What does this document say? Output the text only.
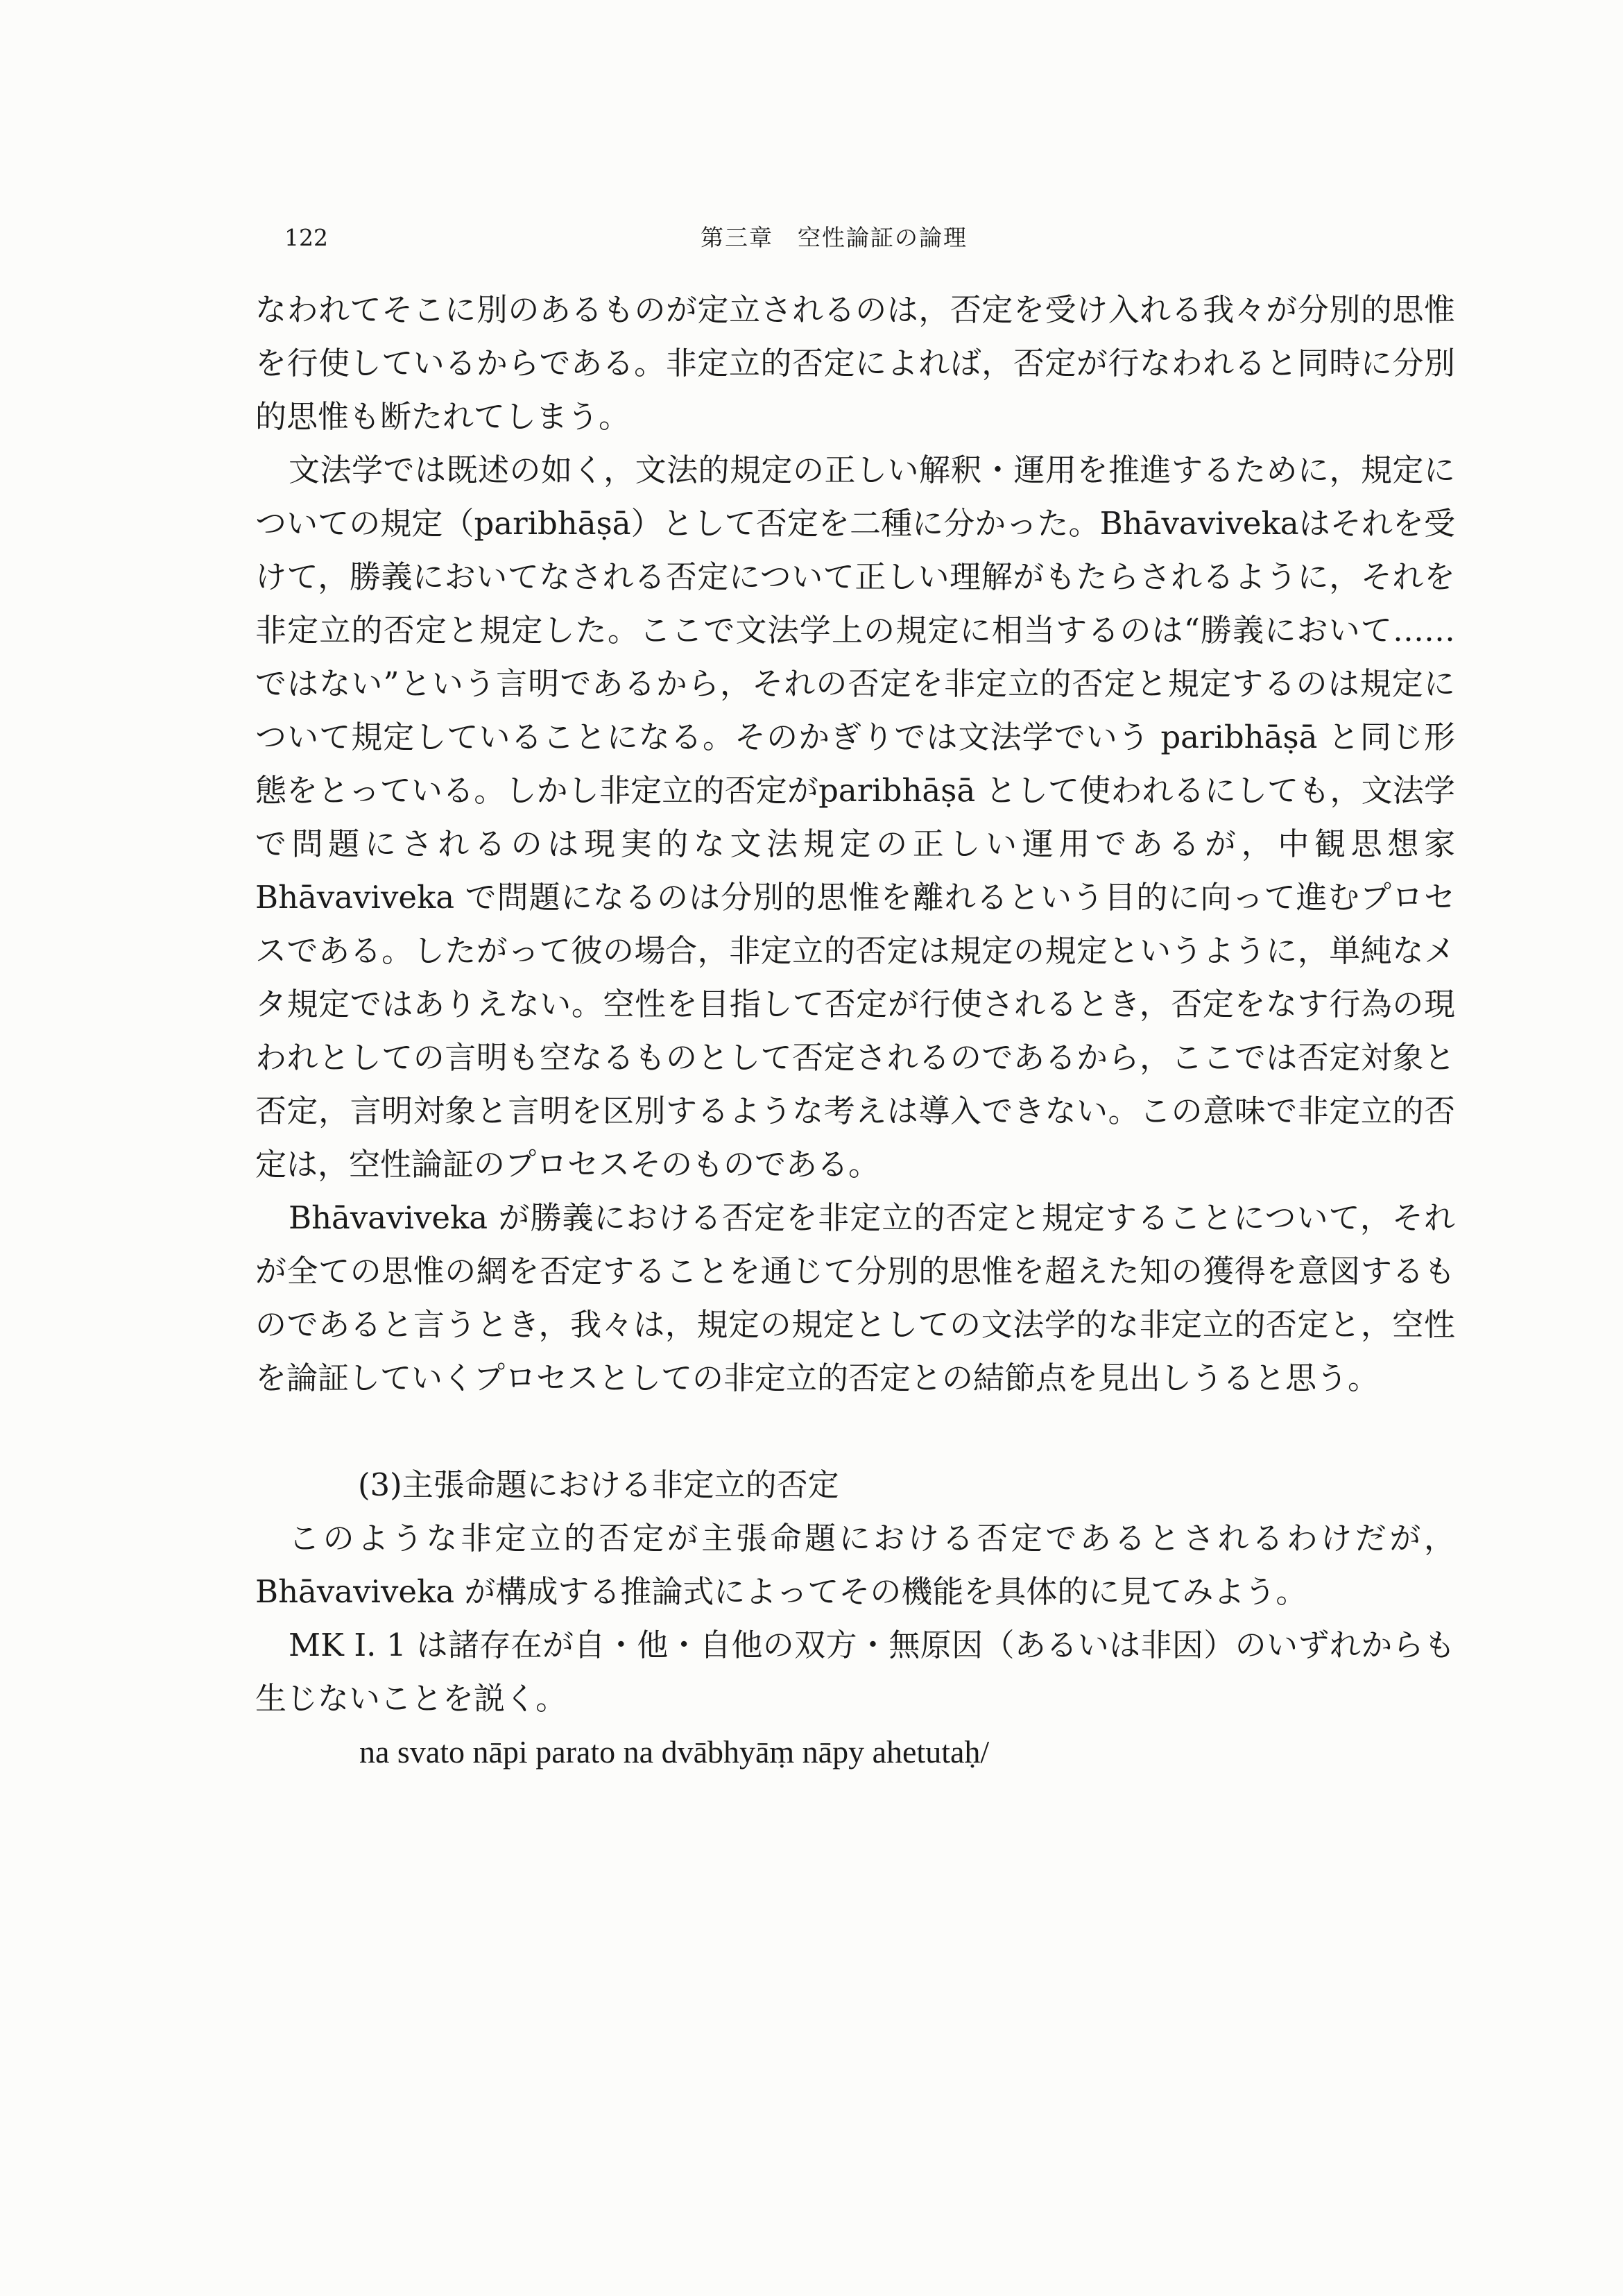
122	第三章　空性論証の論理

なわれてそこに別のあるものが定立されるのは，否定を受け入れる我々が分別的思惟を行使しているからである。非定立的否定によれば，否定が行なわれると同時に分別的思惟も断たれてしまう。

文法学では既述の如く，文法的規定の正しい解釈・運用を推進するために，規定についての規定（paribhāṣā）として否定を二種に分かった。Bhāvavivekaはそれを受けて，勝義においてなされる否定について正しい理解がもたらされるように，それを非定立的否定と規定した。ここで文法学上の規定に相当するのは“勝義において……ではない”という言明であるから，それの否定を非定立的否定と規定するのは規定について規定していることになる。そのかぎりでは文法学でいう paribhāṣā と同じ形態をとっている。しかし非定立的否定がparibhāṣā として使われるにしても，文法学で問題にされるのは現実的な文法規定の正しい運用であるが，中観思想家 Bhāvaviveka で問題になるのは分別的思惟を離れるという目的に向って進むプロセスである。したがって彼の場合，非定立的否定は規定の規定というように，単純なメタ規定ではありえない。空性を目指して否定が行使されるとき，否定をなす行為の現われとしての言明も空なるものとして否定されるのであるから，ここでは否定対象と否定，言明対象と言明を区別するような考えは導入できない。この意味で非定立的否定は，空性論証のプロセスそのものである。

Bhāvaviveka が勝義における否定を非定立的否定と規定することについて，それが全ての思惟の網を否定することを通じて分別的思惟を超えた知の獲得を意図するものであると言うとき，我々は，規定の規定としての文法学的な非定立的否定と，空性を論証していくプロセスとしての非定立的否定との結節点を見出しうると思う。

(3)主張命題における非定立的否定

このような非定立的否定が主張命題における否定であるとされるわけだが，Bhāvaviveka が構成する推論式によってその機能を具体的に見てみよう。

MK I. 1 は諸存在が自・他・自他の双方・無原因（あるいは非因）のいずれからも生じないことを説く。

na svato nāpi parato na dvābhyāṃ nāpy ahetutaḥ/
